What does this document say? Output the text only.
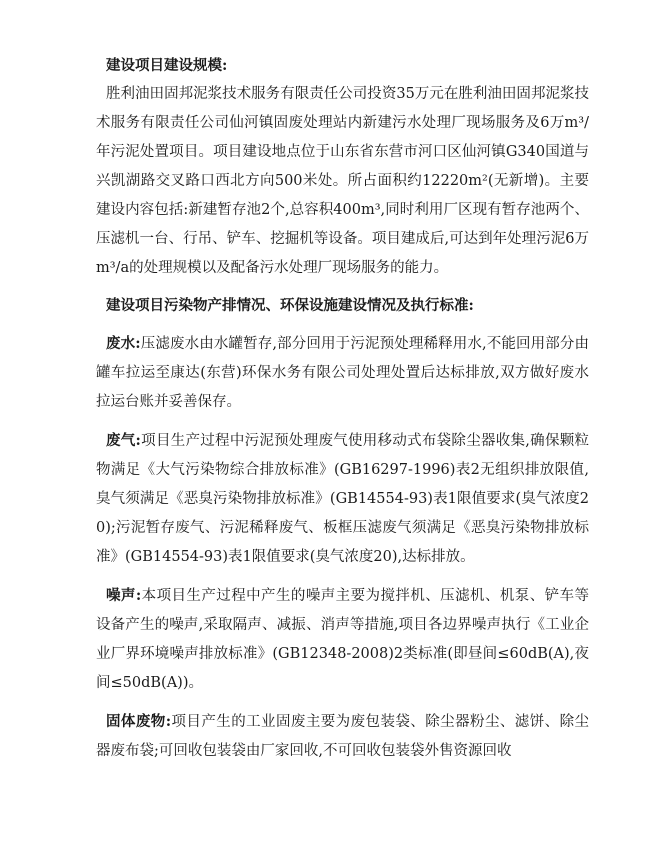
建设项目建设规模:

胜利油田固邦泥浆技术服务有限责任公司投资35万元在胜利油田固邦泥浆技术服务有限责任公司仙河镇固废处理站内新建污水处理厂现场服务及6万m³/年污泥处置项目。项目建设地点位于山东省东营市河口区仙河镇G340国道与兴凯湖路交叉路口西北方向500米处。所占面积约12220m²(无新增)。主要建设内容包括:新建暂存池2个,总容积400m³,同时利用厂区现有暂存池两个、压滤机一台、行吊、铲车、挖掘机等设备。项目建成后,可达到年处理污泥6万m³/a的处理规模以及配备污水处理厂现场服务的能力。

建设项目污染物产排情况、环保设施建设情况及执行标准:

废水:压滤废水由水罐暂存,部分回用于污泥预处理稀释用水,不能回用部分由罐车拉运至康达(东营)环保水务有限公司处理处置后达标排放,双方做好废水拉运台账并妥善保存。

废气:项目生产过程中污泥预处理废气使用移动式布袋除尘器收集,确保颗粒物满足《大气污染物综合排放标准》(GB16297-1996)表2无组织排放限值,臭气须满足《恶臭污染物排放标准》(GB14554-93)表1限值要求(臭气浓度20);污泥暂存废气、污泥稀释废气、板框压滤废气须满足《恶臭污染物排放标准》(GB14554-93)表1限值要求(臭气浓度20),达标排放。

噪声:本项目生产过程中产生的噪声主要为搅拌机、压滤机、机泵、铲车等设备产生的噪声,采取隔声、减振、消声等措施,项目各边界噪声执行《工业企业厂界环境噪声排放标准》(GB12348-2008)2类标准(即昼间≤60dB(A),夜间≤50dB(A))。

固体废物:项目产生的工业固废主要为废包装袋、除尘器粉尘、滤饼、除尘器废布袋;可回收包装袋由厂家回收,不可回收包装袋外售资源回收
